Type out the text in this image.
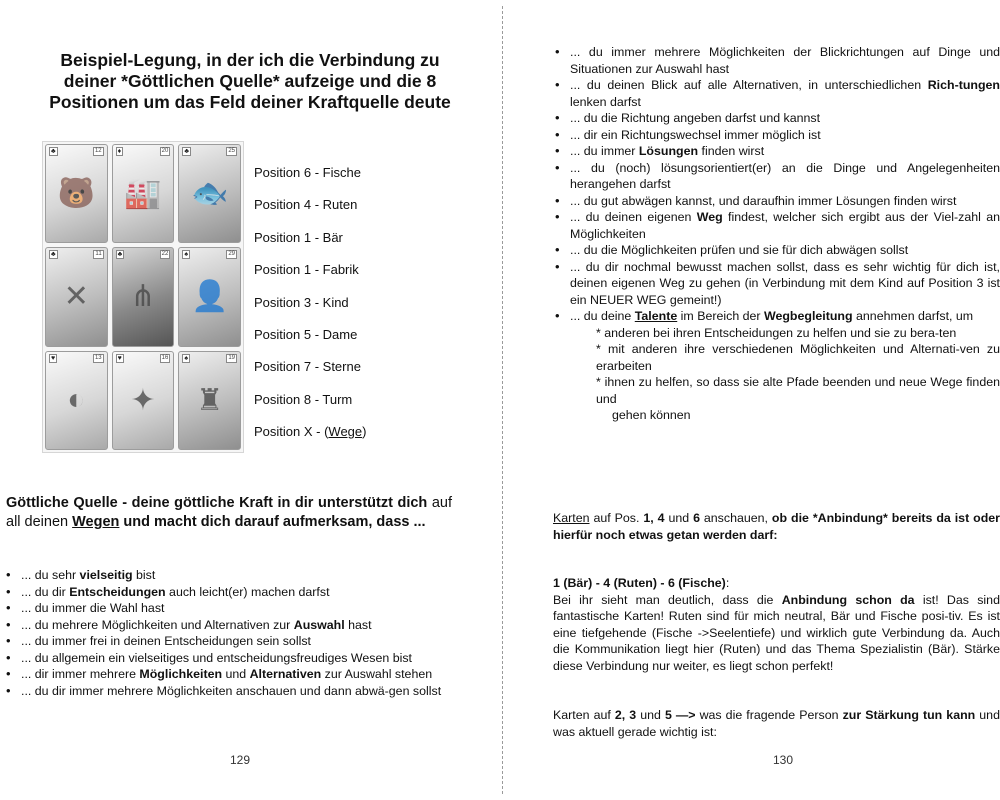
Beispiel-Legung, in der ich die Verbindung zu
deiner *Göttlichen Quelle* aufzeige und die 8
Positionen um das Feld deiner Kraftquelle deute
♣	12
🐻
♦	20
🏭
♣	25
🐟
♣	11
✕
♣	22
⋔
♠	29
👤
♥	13
◐
♥	16
✦
♠	19
♜
Position 6 - Fische
Position 4 - Ruten
Position 1 - Bär
Position 1 - Fabrik
Position 3 - Kind
Position 5 - Dame
Position 7 - Sterne
Position 8 - Turm
Position X - (Wege)

Göttliche Quelle - deine göttliche Kraft in dir unterstützt dich auf all deinen Wegen und macht dich darauf aufmerksam, dass ...

• ... du sehr vielseitig bist
• ... du dir Entscheidungen auch leicht(er) machen darfst
• ... du immer die Wahl hast
• ... du mehrere Möglichkeiten und Alternativen zur Auswahl hast
• ... du immer frei in deinen Entscheidungen sein sollst
• ... du allgemein ein vielseitiges und entscheidungsfreudiges Wesen bist
• ... dir immer mehrere Möglichkeiten und Alternativen zur Auswahl stehen
• ... du dir immer mehrere Möglichkeiten anschauen und dann abwä-gen sollst
129
• ... du immer mehrere Möglichkeiten der Blickrichtungen auf Dinge und Situationen zur Auswahl hast
• ... du deinen Blick auf alle Alternativen, in unterschiedlichen Rich-tungen lenken darfst
• ... du die Richtung angeben darfst und kannst
• ... dir ein Richtungswechsel immer möglich ist
• ... du immer Lösungen finden wirst
• ... du (noch) lösungsorientiert(er) an die Dinge und Angelegenheiten herangehen darfst
• ... du gut abwägen kannst, und daraufhin immer Lösungen finden wirst
• ... du deinen eigenen Weg findest, welcher sich ergibt aus der Viel-zahl an Möglichkeiten
• ... du die Möglichkeiten prüfen und sie für dich abwägen sollst
• ... du dir nochmal bewusst machen sollst, dass es sehr wichtig für dich ist, deinen eigenen Weg zu gehen (in Verbindung mit dem Kind auf Position 3 ist ein NEUER WEG gemeint!)
• ... du deine Talente im Bereich der Wegbegleitung annehmen darfst, um
* anderen bei ihren Entscheidungen zu helfen und sie zu bera-ten
* mit anderen ihre verschiedenen Möglichkeiten und Alternati-ven zu erarbeiten
* ihnen zu helfen, so dass sie alte Pfade beenden und neue Wege finden und
gehen können

Karten auf Pos. 1, 4 und 6 anschauen, ob die *Anbindung* bereits da ist oder hierfür noch etwas getan werden darf:

1 (Bär) - 4 (Ruten) - 6 (Fische):
Bei ihr sieht man deutlich, dass die Anbindung schon da ist! Das sind fantastische Karten! Ruten sind für mich neutral, Bär und Fische posi-tiv. Es ist eine tiefgehende (Fische ->Seelentiefe) und wirklich gute Verbindung da. Auch die Kommunikation liegt hier (Ruten) und das Thema Spezialistin (Bär). Stärke diese Verbindung nur weiter, es liegt schon perfekt!

Karten auf 2, 3 und 5 —> was die fragende Person zur Stärkung tun kann und was aktuell gerade wichtig ist:

130
